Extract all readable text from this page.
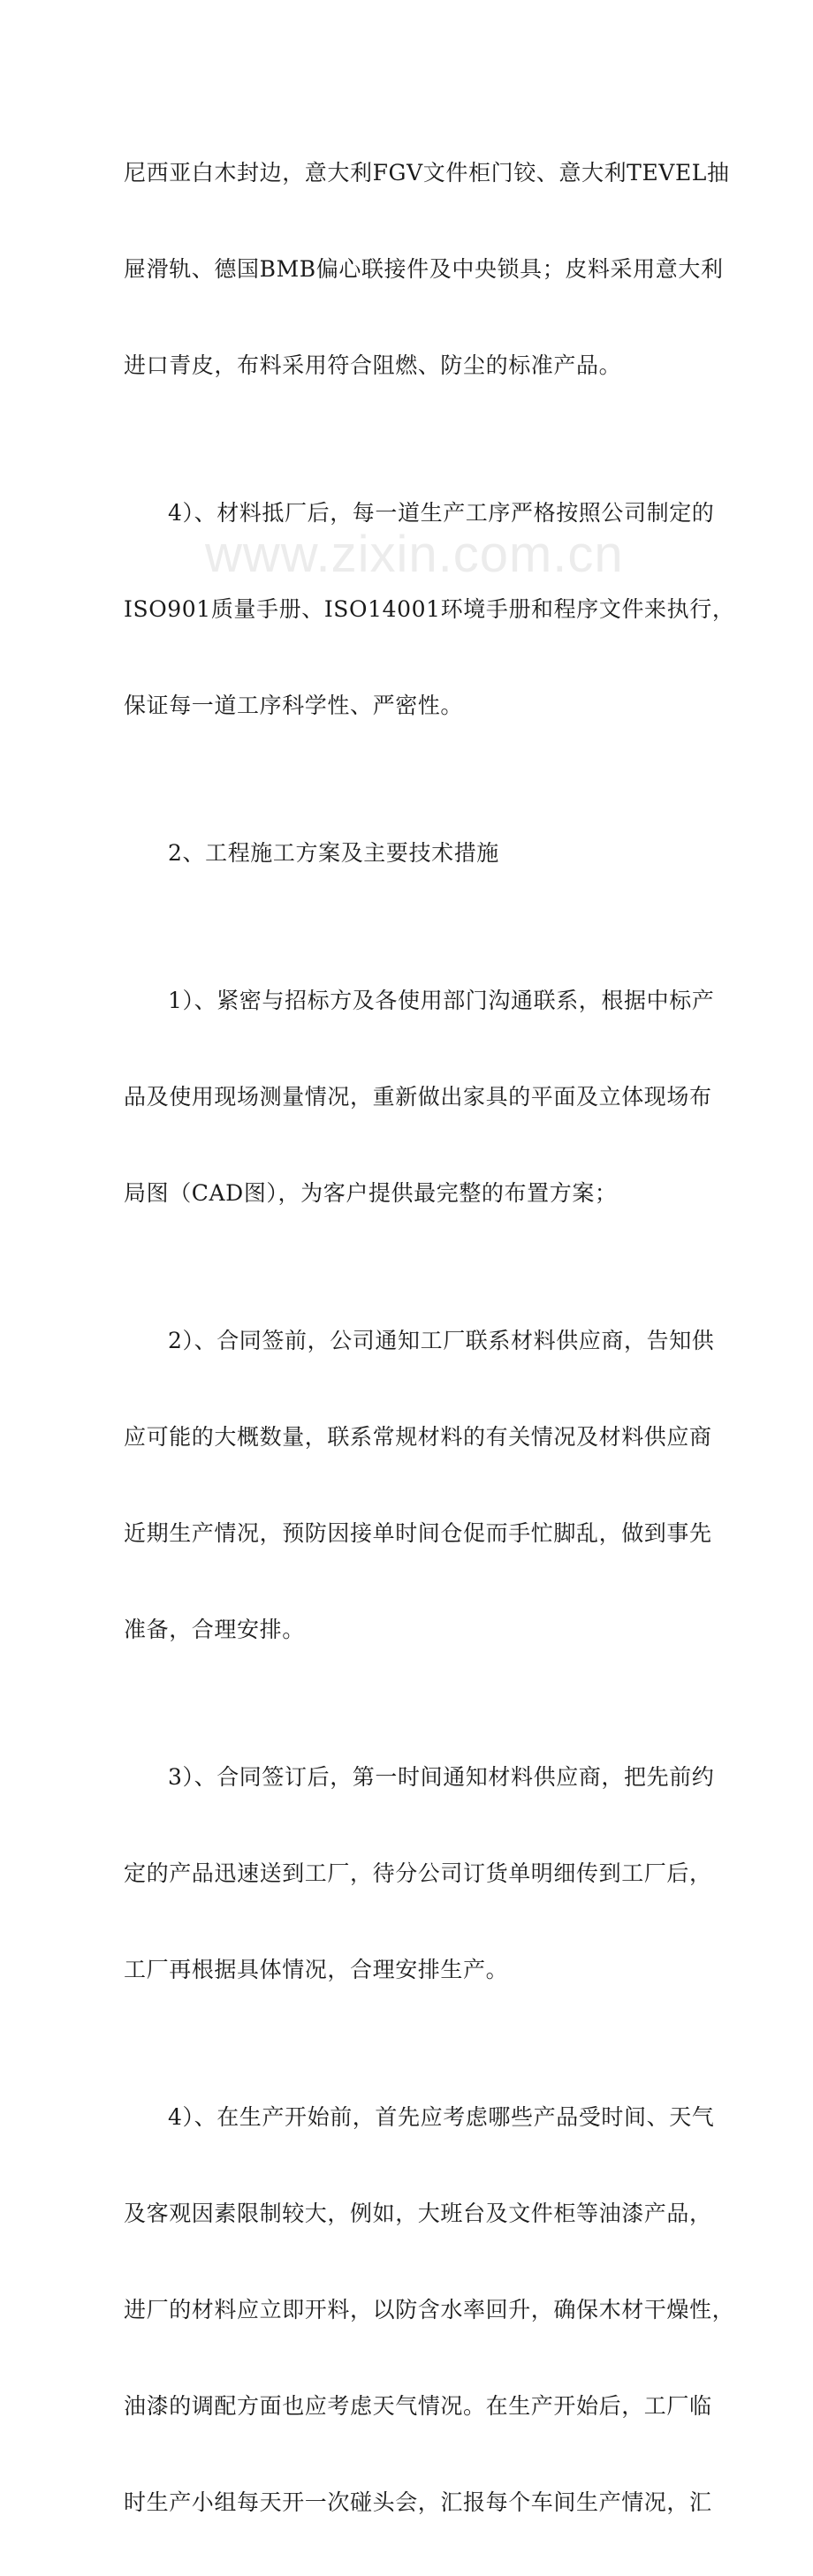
www.zixin.com.cn

尼西亚白木封边，意大利FGV文件柜门铰、意大利TEVEL抽

屉滑轨、德国BMB偏心联接件及中央锁具；皮料采用意大利

进口青皮，布料采用符合阻燃、防尘的标准产品。

4）、材料抵厂后，每一道生产工序严格按照公司制定的

ISO901质量手册、ISO14001环境手册和程序文件来执行，

保证每一道工序科学性、严密性。

2、工程施工方案及主要技术措施

1）、紧密与招标方及各使用部门沟通联系，根据中标产

品及使用现场测量情况，重新做出家具的平面及立体现场布

局图（CAD图），为客户提供最完整的布置方案；

2）、合同签前，公司通知工厂联系材料供应商，告知供

应可能的大概数量，联系常规材料的有关情况及材料供应商

近期生产情况，预防因接单时间仓促而手忙脚乱，做到事先

准备，合理安排。

3）、合同签订后，第一时间通知材料供应商，把先前约

定的产品迅速送到工厂，待分公司订货单明细传到工厂后，

工厂再根据具体情况，合理安排生产。

4）、在生产开始前，首先应考虑哪些产品受时间、天气

及客观因素限制较大，例如，大班台及文件柜等油漆产品，

进厂的材料应立即开料，以防含水率回升，确保木材干燥性，

油漆的调配方面也应考虑天气情况。在生产开始后，工厂临

时生产小组每天开一次碰头会，汇报每个车间生产情况，汇
